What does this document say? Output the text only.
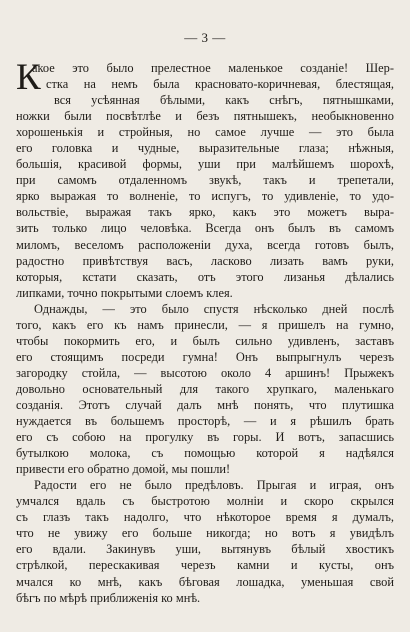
— 3 —
К
акое это было прелестное маленькое созданіе! Шер-
стка на немъ была красновато-коричневая, блестящая,
вся усѣянная бѣлыми, какъ снѣгъ, пятнышками,
ножки были посвѣтлѣе и безъ пятнышекъ, необыкновенно
хорошенькія и стройныя, но самое лучше — это была
его головка и чудные, выразительные глаза; нѣжныя,
большія, красивой формы, уши при малѣйшемъ шорохѣ,
при самомъ отдаленномъ звукѣ, такъ и трепетали,
ярко выражая то волненіе, то испугъ, то удивленіе, то удо-
вольствіе, выражая такъ ярко, какъ это можетъ выра-
зить только лицо человѣка. Всегда онъ былъ въ самомъ
миломъ, веселомъ расположеніи духа, всегда готовъ былъ,
радостно привѣтствуя васъ, ласково лизать вамъ руки,
которыя, кстати сказать, отъ этого лизанья дѣлались
липками, точно покрытыми слоемъ клея.
Однажды, — это было спустя нѣсколько дней послѣ
того, какъ его къ намъ принесли, — я пришелъ на гумно,
чтобы покормить его, и былъ сильно удивленъ, заставъ
его стоящимъ посреди гумна! Онъ выпрыгнулъ черезъ
загородку стойла, — высотою около 4 аршинъ! Прыжекъ
довольно основательный для такого хрупкаго, маленькаго
созданія. Этотъ случай далъ мнѣ понять, что плутишка
нуждается въ большемъ просторѣ, — и я рѣшилъ брать
его съ собою на прогулку въ горы. И вотъ, запасшись
бутылкою молока, съ помощью которой я надѣялся
привести его обратно домой, мы пошли!
Радости его не было предѣловъ. Прыгая и играя, онъ
умчался вдаль съ быстротою молніи и скоро скрылся
съ глазъ такъ надолго, что нѣкоторое время я думалъ,
что не увижу его больше никогда; но вотъ я увидѣлъ
его вдали. Закинувъ уши, вытянувъ бѣлый хвостикъ
стрѣлкой, перескакивая черезъ камни и кусты, онъ
мчался ко мнѣ, какъ бѣговая лошадка, уменьшая свой
бѣгъ по мѣрѣ приближенія ко мнѣ.
